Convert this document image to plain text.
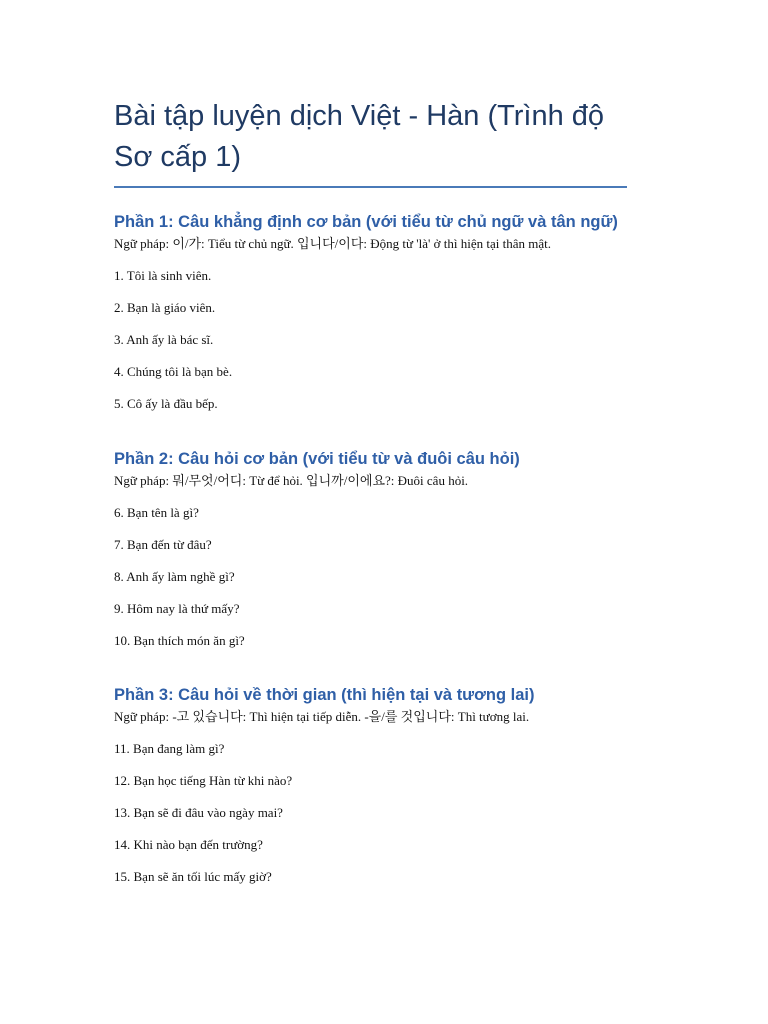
Bài tập luyện dịch Việt - Hàn (Trình độ Sơ cấp 1)
Phần 1: Câu khẳng định cơ bản (với tiểu từ chủ ngữ và tân ngữ)

Ngữ pháp: 이/가: Tiểu từ chủ ngữ. 입니다/이다: Động từ 'là' ở thì hiện tại thân mật.

1. Tôi là sinh viên.
2. Bạn là giáo viên.
3. Anh ấy là bác sĩ.
4. Chúng tôi là bạn bè.
5. Cô ấy là đầu bếp.
Phần 2: Câu hỏi cơ bản (với tiểu từ và đuôi câu hỏi)

Ngữ pháp: 뭐/무엇/어디: Từ để hỏi. 입니까/이에요?: Đuôi câu hỏi.

6. Bạn tên là gì?
7. Bạn đến từ đâu?
8. Anh ấy làm nghề gì?
9. Hôm nay là thứ mấy?
10. Bạn thích món ăn gì?
Phần 3: Câu hỏi về thời gian (thì hiện tại và tương lai)

Ngữ pháp: -고 있습니다: Thì hiện tại tiếp diễn. -을/를 것입니다: Thì tương lai.

11. Bạn đang làm gì?
12. Bạn học tiếng Hàn từ khi nào?
13. Bạn sẽ đi đâu vào ngày mai?
14. Khi nào bạn đến trường?
15. Bạn sẽ ăn tối lúc mấy giờ?
